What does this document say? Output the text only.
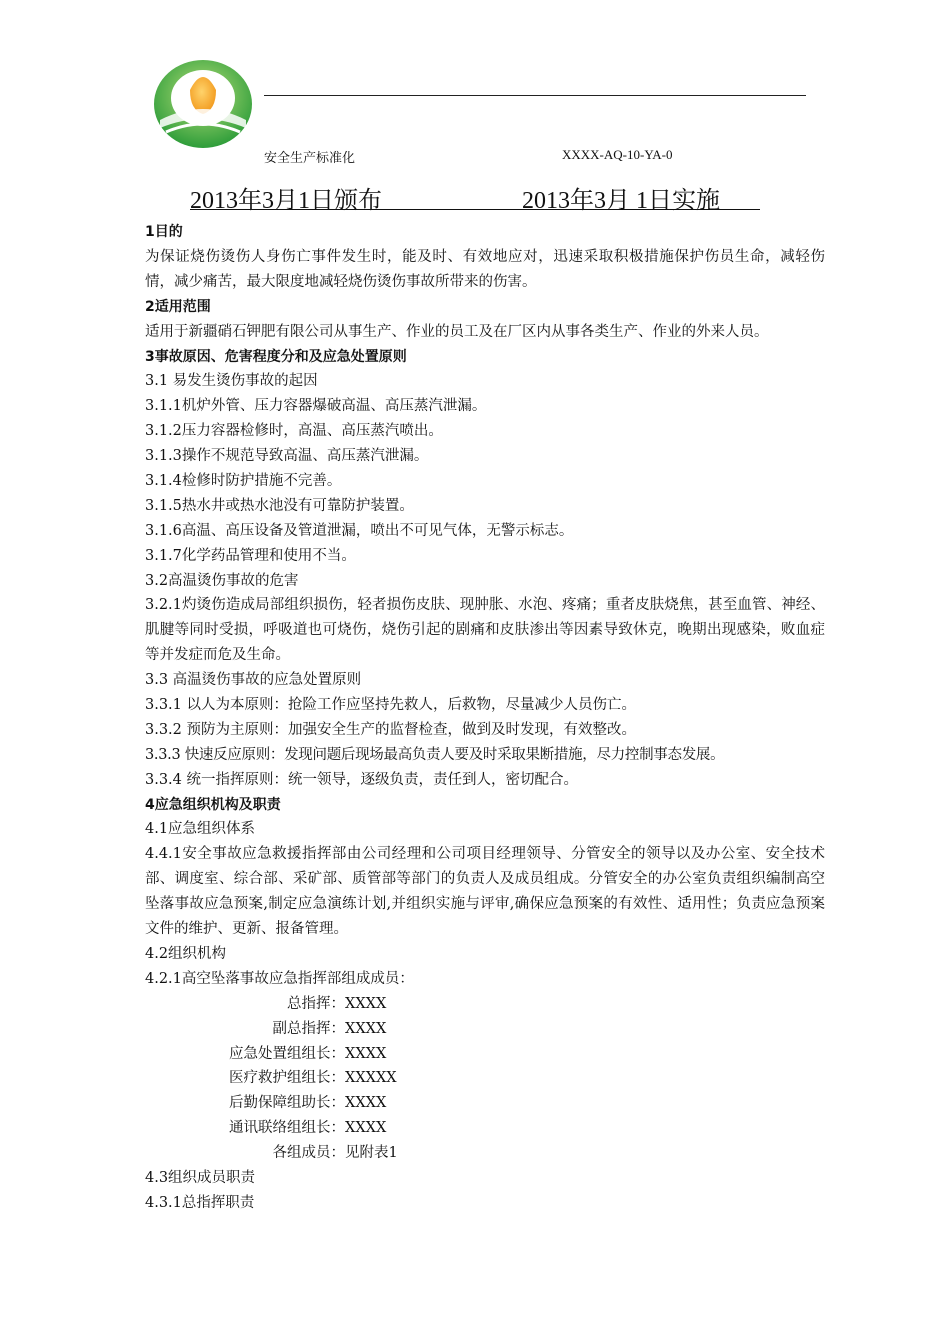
安全生产标准化	XXXX-AQ-10-YA-0
2013年3月1日颁布	2013年3月 1日实施
1目的
为保证烧伤烫伤人身伤亡事件发生时，能及时、有效地应对，迅速采取积极措施保护伤员生命，减轻伤情，减少痛苦，最大限度地减轻烧伤烫伤事故所带来的伤害。
2适用范围
适用于新疆硝石钾肥有限公司从事生产、作业的员工及在厂区内从事各类生产、作业的外来人员。
3事故原因、危害程度分和及应急处置原则
3.1 易发生烫伤事故的起因
3.1.1机炉外管、压力容器爆破高温、高压蒸汽泄漏。
3.1.2压力容器检修时，高温、高压蒸汽喷出。
3.1.3操作不规范导致高温、高压蒸汽泄漏。
3.1.4检修时防护措施不完善。
3.1.5热水井或热水池没有可靠防护装置。
3.1.6高温、高压设备及管道泄漏，喷出不可见气体，无警示标志。
3.1.7化学药品管理和使用不当。
3.2高温烫伤事故的危害
3.2.1灼烫伤造成局部组织损伤，轻者损伤皮肤、现肿胀、水泡、疼痛；重者皮肤烧焦，甚至血管、神经、肌腱等同时受损，呼吸道也可烧伤，烧伤引起的剧痛和皮肤渗出等因素导致休克，晚期出现感染，败血症等并发症而危及生命。
3.3 高温烫伤事故的应急处置原则
3.3.1 以人为本原则：抢险工作应坚持先救人，后救物，尽量减少人员伤亡。
3.3.2 预防为主原则：加强安全生产的监督检查，做到及时发现，有效整改。
3.3.3 快速反应原则：发现问题后现场最高负责人要及时采取果断措施，尽力控制事态发展。
3.3.4 统一指挥原则：统一领导，逐级负责，责任到人，密切配合。
4应急组织机构及职责
4.1应急组织体系
4.4.1安全事故应急救援指挥部由公司经理和公司项目经理领导、分管安全的领导以及办公室、安全技术部、调度室、综合部、采矿部、质管部等部门的负责人及成员组成。分管安全的办公室负责组织编制高空坠落事故应急预案,制定应急演练计划,并组织实施与评审,确保应急预案的有效性、适用性；负责应急预案文件的维护、更新、报备管理。
4.2组织机构
4.2.1高空坠落事故应急指挥部组成成员：
总指挥： XXXX
副总指挥： XXXX
应急处置组组长： XXXX
医疗救护组组长： XXXXX
后勤保障组助长： XXXX
通讯联络组组长： XXXX
各组成员： 见附表1
4.3组织成员职责
4.3.1总指挥职责
